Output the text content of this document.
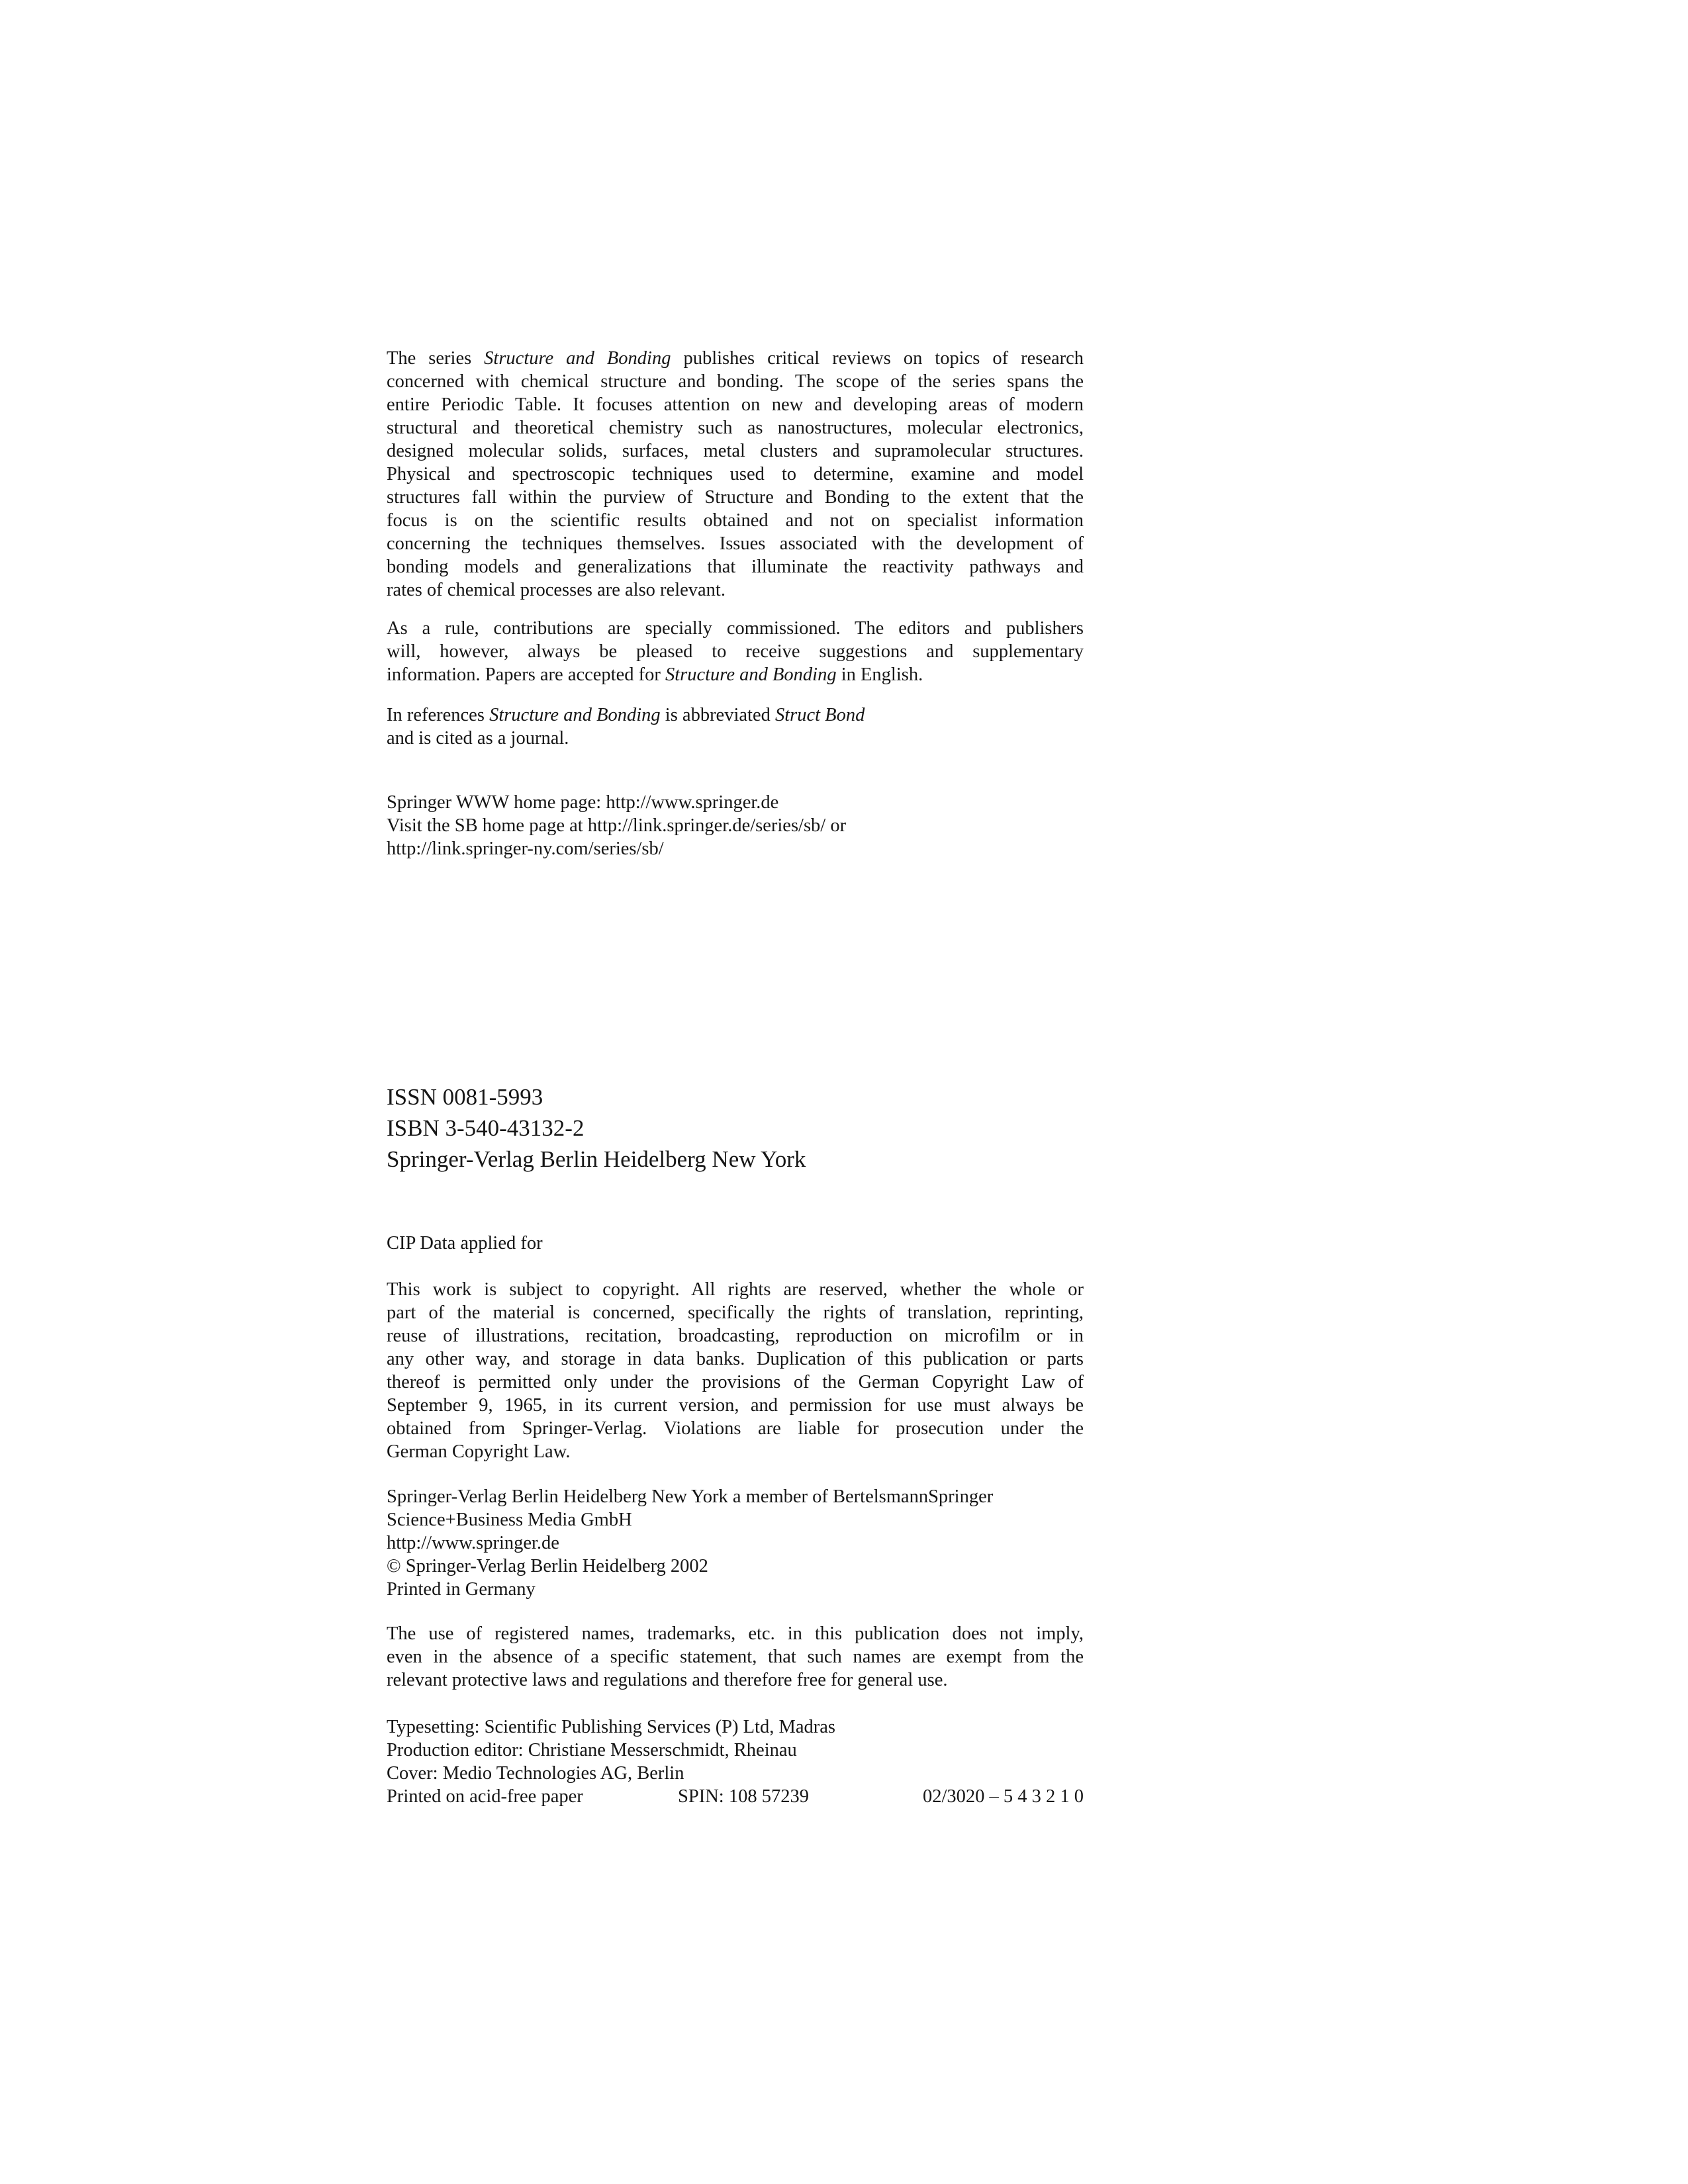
The series Structure and Bonding publishes critical reviews on topics of research
concerned with chemical structure and bonding. The scope of the series spans the
entire Periodic Table. It focuses attention on new and developing areas of modern
structural and theoretical chemistry such as nanostructures, molecular electronics,
designed molecular solids, surfaces, metal clusters and supramolecular structures.
Physical and spectroscopic techniques used to determine, examine and model
structures fall within the purview of Structure and Bonding to the extent that the
focus is on the scientific results obtained and not on specialist information
concerning the techniques themselves. Issues associated with the development of
bonding models and generalizations that illuminate the reactivity pathways and
rates of chemical processes are also relevant.

As a rule, contributions are specially commissioned. The editors and publishers
will, however, always be pleased to receive suggestions and supplementary
information. Papers are accepted for Structure and Bonding in English.

In references Structure and Bonding is abbreviated Struct Bond
and is cited as a journal.
Springer WWW home page: http://www.springer.de
Visit the SB home page at http://link.springer.de/series/sb/ or
http://link.springer-ny.com/series/sb/
ISSN 0081-5993
ISBN 3-540-43132-2
Springer-Verlag Berlin Heidelberg New York
CIP Data applied for

This work is subject to copyright. All rights are reserved, whether the whole or
part of the material is concerned, specifically the rights of translation, reprinting,
reuse of illustrations, recitation, broadcasting, reproduction on microfilm or in
any other way, and storage in data banks. Duplication of this publication or parts
thereof is permitted only under the provisions of the German Copyright Law of
September 9, 1965, in its current version, and permission for use must always be
obtained from Springer-Verlag. Violations are liable for prosecution under the
German Copyright Law.

Springer-Verlag Berlin Heidelberg New York a member of BertelsmannSpringer
Science+Business Media GmbH
http://www.springer.de
© Springer-Verlag Berlin Heidelberg 2002
Printed in Germany

The use of registered names, trademarks, etc. in this publication does not imply,
even in the absence of a specific statement, that such names are exempt from the
relevant protective laws and regulations and therefore free for general use.

Typesetting: Scientific Publishing Services (P) Ltd, Madras
Production editor: Christiane Messerschmidt, Rheinau
Cover: Medio Technologies AG, Berlin
Printed on acid-free paper	SPIN: 108 57239	02/3020 – 5 4 3 2 1 0
